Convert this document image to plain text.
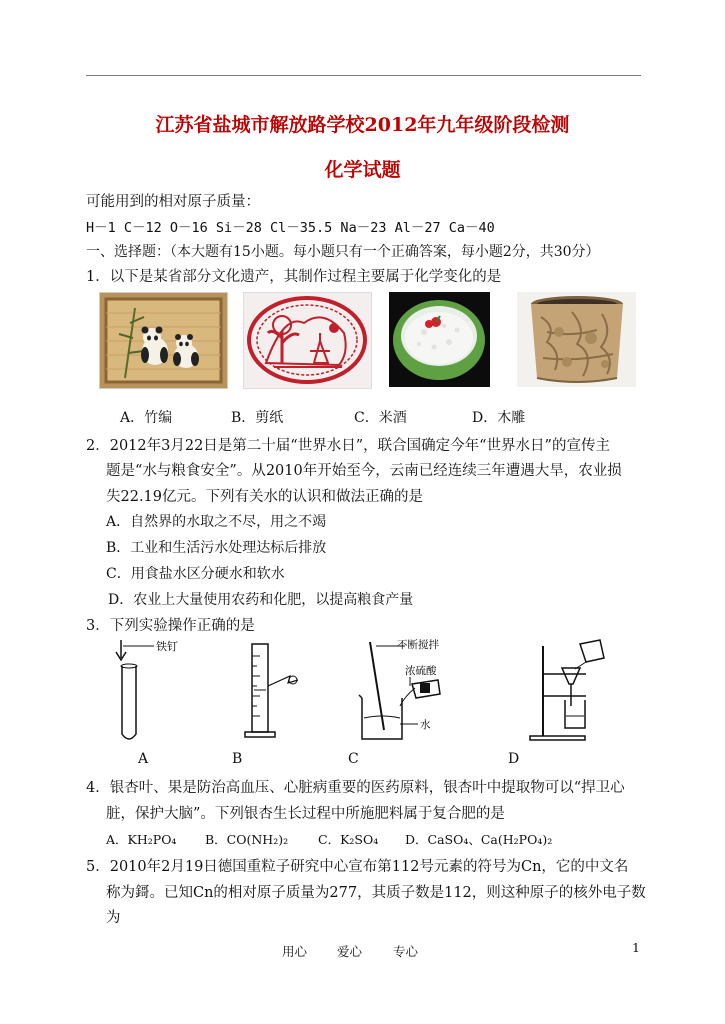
江苏省盐城市解放路学校2012年九年级阶段检测
化学试题
可能用到的相对原子质量：
H－1 C－12 O－16 Si－28 Cl－35.5 Na－23 Al－27 Ca－40
一、选择题：（本大题有15小题。每小题只有一个正确答案，每小题2分，共30分）
1．以下是某省部分文化遗产，其制作过程主要属于化学变化的是
A．竹编	B．剪纸	C．米酒	D．木雕
2．2012年3月22日是第二十届“世界水日”，联合国确定今年“世界水日”的宣传主
题是“水与粮食安全”。从2010年开始至今，云南已经连续三年遭遇大旱，农业损
失22.19亿元。下列有关水的认识和做法正确的是
A．自然界的水取之不尽，用之不竭
B．工业和生活污水处理达标后排放
C．用食盐水区分硬水和软水
D．农业上大量使用农药和化肥，以提高粮食产量
3．下列实验操作正确的是
铁钉	不断搅拌
浓硫酸
水
A	B	C	D
4．银杏叶、果是防治高血压、心脏病重要的医药原料，银杏叶中提取物可以“捍卫心
脏，保护大脑”。下列银杏生长过程中所施肥料属于复合肥的是
A．KH₂PO₄ B．CO(NH₂)₂ C．K₂SO₄ D．CaSO₄、Ca(H₂PO₄)₂
5．2010年2月19日德国重粒子研究中心宣布第112号元素的符号为Cn，它的中文名
称为鎶。已知Cn的相对原子质量为277，其质子数是112，则这种原子的核外电子数
为
用心 爱心 专心	1
